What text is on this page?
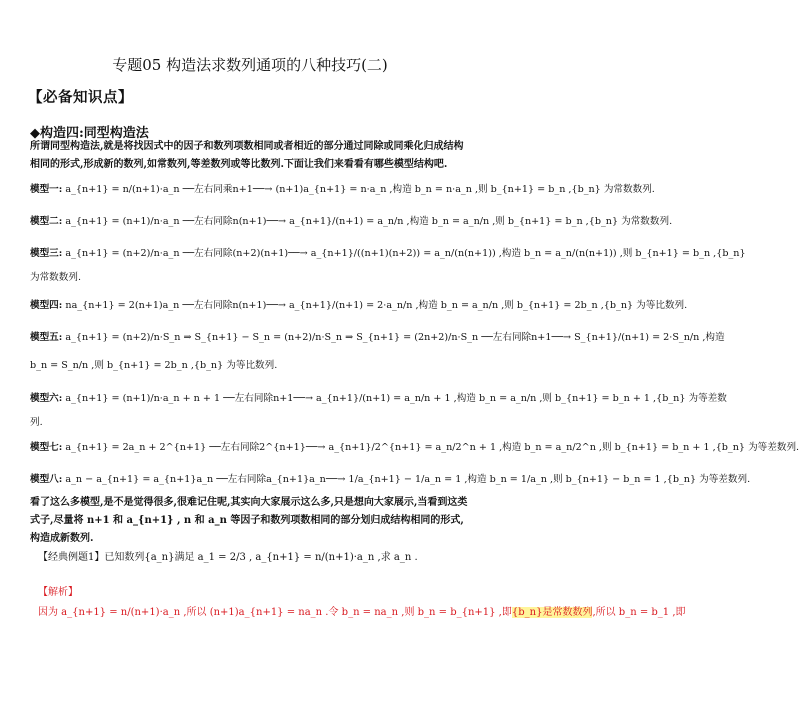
专题05 构造法求数列通项的八种技巧(二)
【必备知识点】
◆构造四:同型构造法
所谓同型构造法,就是将找因式中的因子和数列项数相同或者相近的部分通过同除或同乘化归成结构相同的形式,形成新的数列,如常数列,等差数列或等比数列.下面让我们来看看有哪些模型结构吧.
模型一: a_{n+1} = n/(n+1)·a_n ──左右同乘n+1──→ (n+1)a_{n+1} = n·a_n ,构造 b_n = n·a_n ,则 b_{n+1} = b_n ,{b_n} 为常数数列.
模型二: a_{n+1} = (n+1)/n·a_n ──左右同除n(n+1)──→ a_{n+1}/(n+1) = a_n/n ,构造 b_n = a_n/n ,则 b_{n+1} = b_n ,{b_n} 为常数数列.
模型三: a_{n+1} = (n+2)/n·a_n ──左右同除(n+2)(n+1)──→ a_{n+1}/((n+1)(n+2)) = a_n/(n(n+1)) ,构造 b_n = a_n/(n(n+1)) ,则 b_{n+1} = b_n ,{b_n}
为常数数列.
模型四: na_{n+1} = 2(n+1)a_n ──左右同除n(n+1)──→ a_{n+1}/(n+1) = 2·a_n/n ,构造 b_n = a_n/n ,则 b_{n+1} = 2b_n ,{b_n} 为等比数列.
模型五: a_{n+1} = (n+2)/n·S_n ⇒ S_{n+1} − S_n = (n+2)/n·S_n ⇒ S_{n+1} = (2n+2)/n·S_n ──左右同除n+1──→ S_{n+1}/(n+1) = 2·S_n/n ,构造
b_n = S_n/n ,则 b_{n+1} = 2b_n ,{b_n} 为等比数列.
模型六: a_{n+1} = (n+1)/n·a_n + n + 1 ──左右同除n+1──→ a_{n+1}/(n+1) = a_n/n + 1 ,构造 b_n = a_n/n ,则 b_{n+1} = b_n + 1 ,{b_n} 为等差数
列.
模型七: a_{n+1} = 2a_n + 2^{n+1} ──左右同除2^{n+1}──→ a_{n+1}/2^{n+1} = a_n/2^n + 1 ,构造 b_n = a_n/2^n ,则 b_{n+1} = b_n + 1 ,{b_n} 为等差数列.
模型八: a_n − a_{n+1} = a_{n+1}a_n ──左右同除a_{n+1}a_n──→ 1/a_{n+1} − 1/a_n = 1 ,构造 b_n = 1/a_n ,则 b_{n+1} − b_n = 1 ,{b_n} 为等差数列.
看了这么多模型,是不是觉得很多,很难记住呢,其实向大家展示这么多,只是想向大家展示,当看到这类式子,尽量将 n+1 和 a_{n+1} , n 和 a_n 等因子和数列项数相同的部分划归成结构相同的形式,构造成新数列.
【经典例题1】已知数列{a_n}满足 a_1 = 2/3 , a_{n+1} = n/(n+1)·a_n ,求 a_n .
【解析】
因为 a_{n+1} = n/(n+1)·a_n ,所以 (n+1)a_{n+1} = na_n .令 b_n = na_n ,则 b_n = b_{n+1} ,即{b_n}是常数数列,所以 b_n = b_1 ,即
